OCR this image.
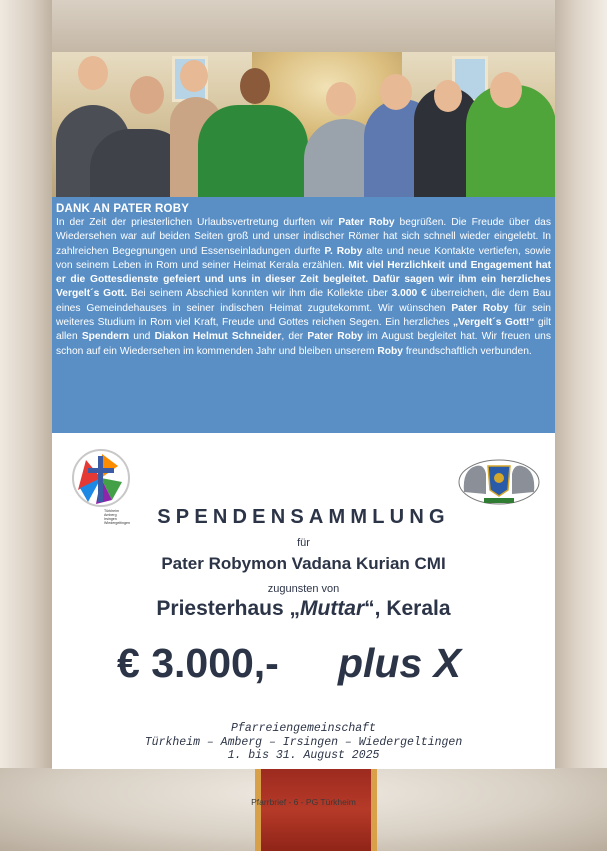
DANK AN PATER ROBY

In der Zeit der priesterlichen Urlaubsvertretung durften wir Pater Roby begrüßen. Die Freude über das Wiedersehen war auf beiden Seiten groß und unser indischer Römer hat sich schnell wieder eingelebt. In zahlreichen Begegnungen und Essenseinladungen durfte P. Roby alte und neue Kontakte vertiefen, sowie von seinem Leben in Rom und seiner Heimat Kerala erzählen. Mit viel Herzlichkeit und Engagement hat er die Gottesdienste gefeiert und uns in dieser Zeit begleitet. Dafür sagen wir ihm ein herzliches Vergelt´s Gott. Bei seinem Abschied konnten wir ihm die Kollekte über 3.000 € überreichen, die dem Bau eines Gemeindehauses in seiner indischen Heimat zugutekommt. Wir wünschen Pater Roby für sein weiteres Studium in Rom viel Kraft, Freude und Gottes reichen Segen. Ein herzliches „Vergelt´s Gott!“ gilt allen Spendern und Diakon Helmut Schneider, der Pater Roby im August begleitet hat. Wir freuen uns schon auf ein Wiedersehen im kommenden Jahr und bleiben unserem Roby freundschaftlich verbunden.

Türkheim
Amberg
Irsingen
Wiedergeltingen	SPENDENSAMMLUNG
für
Pater Robymon Vadana Kurian CMI
zugunsten von
Priesterhaus „Muttar“, Kerala
€ 3.000,- plus X
Pfarreiengemeinschaft
Türkheim – Amberg – Irsingen – Wiedergeltingen
1. bis 31. August 2025
Pfarrbrief - 6 - PG Türkheim
